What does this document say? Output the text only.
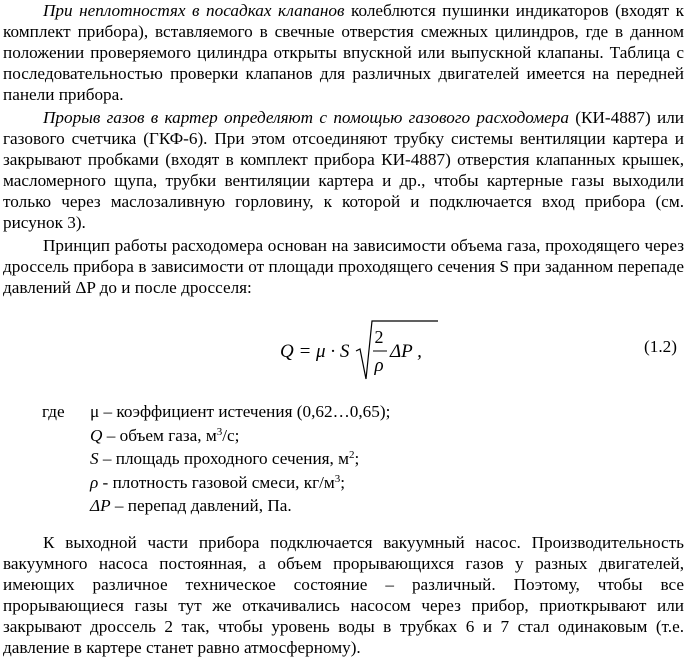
При неплотностях в посадках клапанов колеблются пушинки индикаторов (входят к комплект прибора), вставляемого в свечные отверстия смежных цилиндров, где в данном положении проверяемого цилиндра открыты впускной или выпускной клапаны. Таблица с последовательностью проверки клапанов для различных двигателей имеется на передней панели прибора.

Прорыв газов в картер определяют с помощью газового расходомера (КИ-4887) или газового счетчика (ГКФ-6). При этом отсоединяют трубку системы вентиляции картера и закрывают пробками (входят в комплект прибора КИ-4887) отверстия клапанных крышек, масломерного щупа, трубки вентиляции картера и др., чтобы картерные газы выходили только через маслозаливную горловину, к которой и подключается вход прибора (см. рисунок 3).

Принцип работы расходомера основан на зависимости объема газа, проходящего через дроссель прибора в зависимости от площади проходящего сечения S при заданном перепаде давлений ΔP до и после дросселя:

Q = μ · S
2
ρ
ΔP ,	(1.2)
где μ – коэффициент истечения (0,62…0,65);
Q – объем газа, $м^3/с$;
S – площадь проходного сечения, $м^2$;
ρ - плотность газовой смеси, $кг/м^3$;
ΔP – перепад давлений, Па.

К выходной части прибора подключается вакуумный насос. Производительность вакуумного насоса постоянная, а объем прорывающихся газов у разных двигателей, имеющих различное техническое состояние – различный. Поэтому, чтобы все прорывающиеся газы тут же откачивались насосом через прибор, приоткрывают или закрывают дроссель 2 так, чтобы уровень воды в трубках 6 и 7 стал одинаковым (т.е. давление в картере станет равно атмосферному).
